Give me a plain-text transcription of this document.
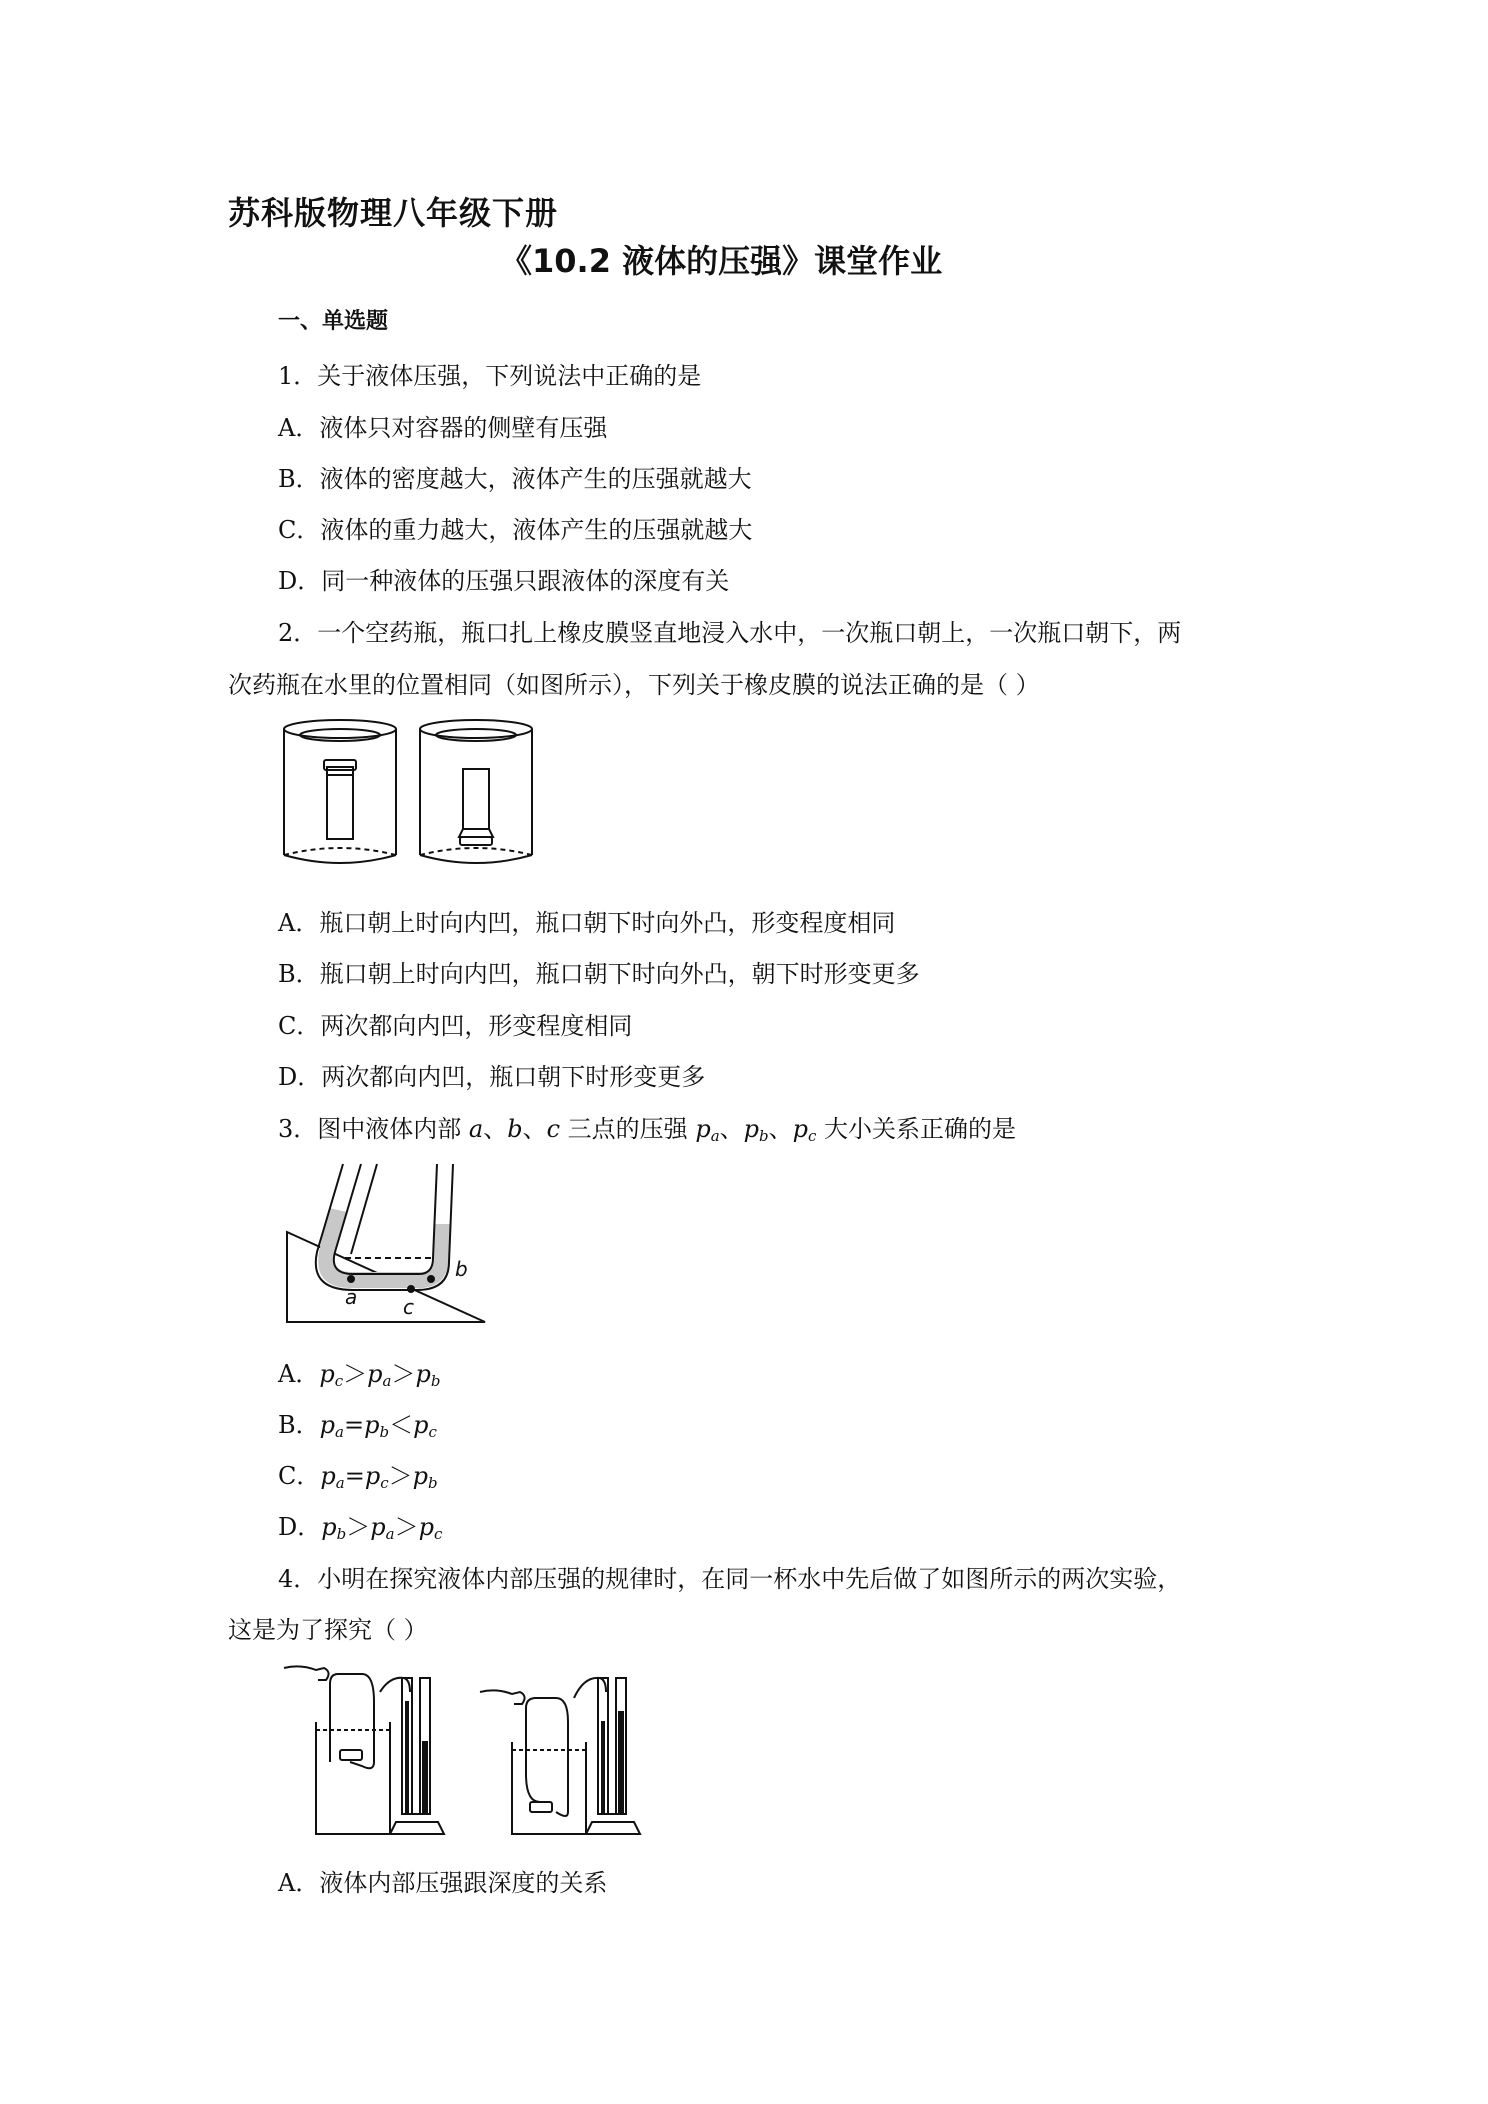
苏科版物理八年级下册
《10.2 液体的压强》课堂作业
一、单选题
1．关于液体压强，下列说法中正确的是
A．液体只对容器的侧壁有压强
B．液体的密度越大，液体产生的压强就越大
C．液体的重力越大，液体产生的压强就越大
D．同一种液体的压强只跟液体的深度有关
2．一个空药瓶，瓶口扎上橡皮膜竖直地浸入水中，一次瓶口朝上，一次瓶口朝下，两
次药瓶在水里的位置相同（如图所示），下列关于橡皮膜的说法正确的是（ ）
A．瓶口朝上时向内凹，瓶口朝下时向外凸，形变程度相同
B．瓶口朝上时向内凹，瓶口朝下时向外凸，朝下时形变更多
C．两次都向内凹，形变程度相同
D．两次都向内凹，瓶口朝下时形变更多
3．图中液体内部 a、b、c 三点的压强 $p_a$、$p_b$、$p_c$ 大小关系正确的是
a
b
c
A．$p_c>p_a>p_b$
B．$p_a=p_b<p_c$
C．$p_a=p_c>p_b$
D．$p_b>p_a>p_c$
4．小明在探究液体内部压强的规律时，在同一杯水中先后做了如图所示的两次实验，
这是为了探究（ ）
A．液体内部压强跟深度的关系
